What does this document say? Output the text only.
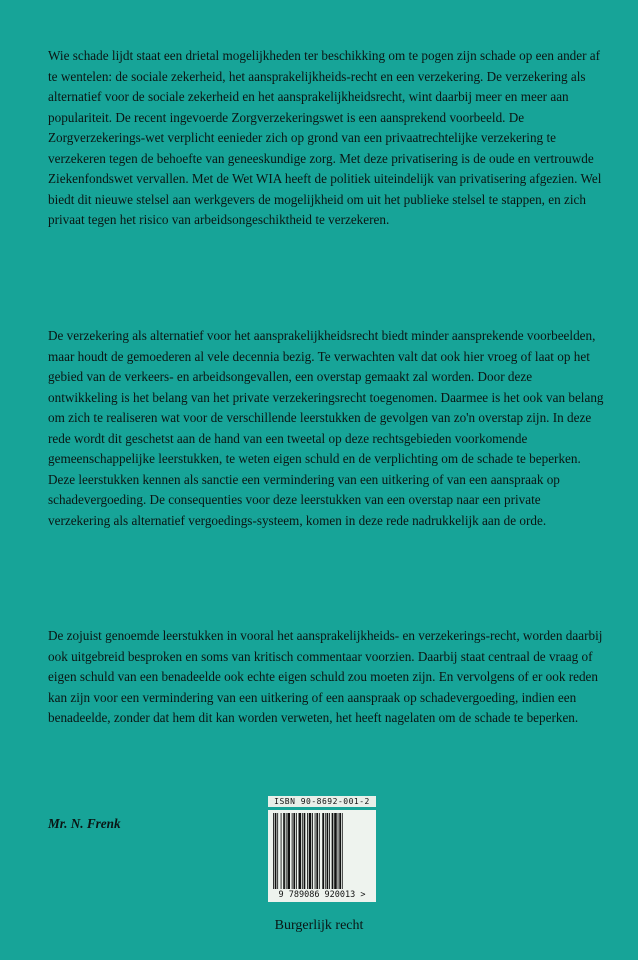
Wie schade lijdt staat een drietal mogelijkheden ter beschikking om te pogen zijn schade op een ander af te wentelen: de sociale zekerheid, het aansprakelijkheids-recht en een verzekering. De verzekering als alternatief voor de sociale zekerheid en het aansprakelijkheidsrecht, wint daarbij meer en meer aan populariteit. De recent ingevoerde Zorgverzekeringswet is een aansprekend voorbeeld. De Zorgverzekerings-wet verplicht eenieder zich op grond van een privaatrechtelijke verzekering te verzekeren tegen de behoefte van geneeskundige zorg. Met deze privatisering is de oude en vertrouwde Ziekenfondswet vervallen. Met de Wet WIA heeft de politiek uiteindelijk van privatisering afgezien. Wel biedt dit nieuwe stelsel aan werkgevers de mogelijkheid om uit het publieke stelsel te stappen, en zich privaat tegen het risico van arbeidsongeschiktheid te verzekeren.
De verzekering als alternatief voor het aansprakelijkheidsrecht biedt minder aansprekende voorbeelden, maar houdt de gemoederen al vele decennia bezig. Te verwachten valt dat ook hier vroeg of laat op het gebied van de verkeers- en arbeidsongevallen, een overstap gemaakt zal worden. Door deze ontwikkeling is het belang van het private verzekeringsrecht toegenomen. Daarmee is het ook van belang om zich te realiseren wat voor de verschillende leerstukken de gevolgen van zo'n overstap zijn. In deze rede wordt dit geschetst aan de hand van een tweetal op deze rechtsgebieden voorkomende gemeenschappelijke leerstukken, te weten eigen schuld en de verplichting om de schade te beperken. Deze leerstukken kennen als sanctie een vermindering van een uitkering of van een aanspraak op schadevergoeding. De consequenties voor deze leerstukken van een overstap naar een private verzekering als alternatief vergoedings-systeem, komen in deze rede nadrukkelijk aan de orde.
De zojuist genoemde leerstukken in vooral het aansprakelijkheids- en verzekerings-recht, worden daarbij ook uitgebreid besproken en soms van kritisch commentaar voorzien. Daarbij staat centraal de vraag of eigen schuld van een benadeelde ook echte eigen schuld zou moeten zijn. En vervolgens of er ook reden kan zijn voor een vermindering van een uitkering of een aanspraak op schadevergoeding, indien een benadeelde, zonder dat hem dit kan worden verweten, het heeft nagelaten om de schade te beperken.
Mr. N. Frenk
ISBN 90-8692-001-2
9 789086 920013 >
Burgerlijk recht
